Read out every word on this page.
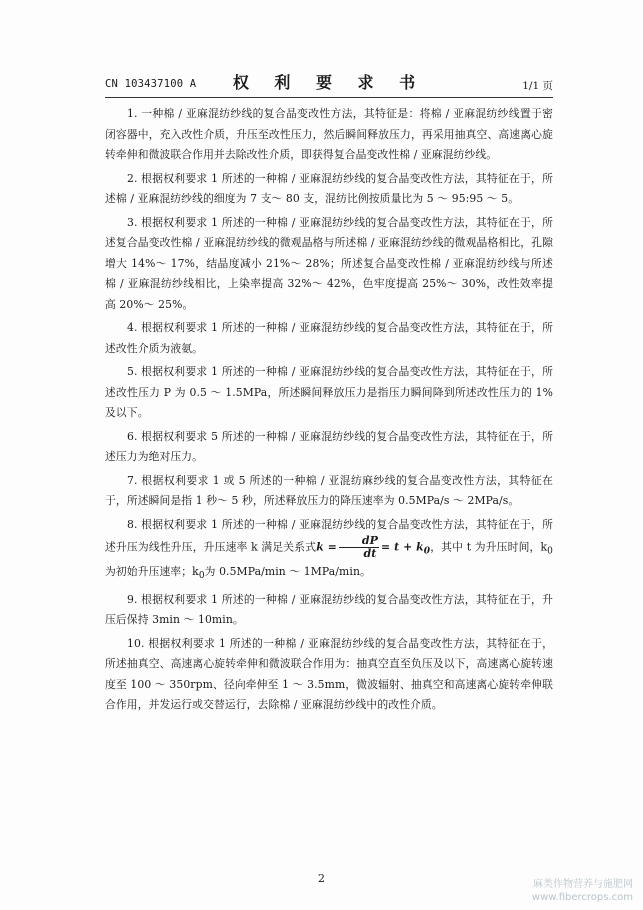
CN 103437100 A	权 利 要 求 书	1/1 页

1. 一种棉 / 亚麻混纺纱线的复合晶变改性方法，其特征是：将棉 / 亚麻混纺纱线置于密闭容器中，充入改性介质，升压至改性压力，然后瞬间释放压力，再采用抽真空、高速离心旋转牵伸和微波联合作用并去除改性介质，即获得复合晶变改性棉 / 亚麻混纺纱线。

2. 根据权利要求 1 所述的一种棉 / 亚麻混纺纱线的复合晶变改性方法，其特征在于，所述棉 / 亚麻混纺纱线的细度为 7 支～ 80 支，混纺比例按质量比为 5 ～ 95:95 ～ 5。

3. 根据权利要求 1 所述的一种棉 / 亚麻混纺纱线的复合晶变改性方法，其特征在于，所述复合晶变改性棉 / 亚麻混纺纱线的微观晶格与所述棉 / 亚麻混纺纱线的微观晶格相比，孔隙增大 14%～ 17%，结晶度减小 21%～ 28%；所述复合晶变改性棉 / 亚麻混纺纱线与所述棉 / 亚麻混纺纱线相比，上染率提高 32%～ 42%，色牢度提高 25%～ 30%，改性效率提高 20%～ 25%。

4. 根据权利要求 1 所述的一种棉 / 亚麻混纺纱线的复合晶变改性方法，其特征在于，所述改性介质为液氨。

5. 根据权利要求 1 所述的一种棉 / 亚麻混纺纱线的复合晶变改性方法，其特征在于，所述改性压力 P 为 0.5 ～ 1.5MPa，所述瞬间释放压力是指压力瞬间降到所述改性压力的 1% 及以下。

6. 根据权利要求 5 所述的一种棉 / 亚麻混纺纱线的复合晶变改性方法，其特征在于，所述压力为绝对压力。

7. 根据权利要求 1 或 5 所述的一种棉 / 亚混纺麻纱线的复合晶变改性方法，其特征在于，所述瞬间是指 1 秒～ 5 秒，所述释放压力的降压速率为 0.5MPa/s ～ 2MPa/s。

8. 根据权利要求 1 所述的一种棉 / 亚麻混纺纱线的复合晶变改性方法，其特征在于，所述升压为线性升压，升压速率 k 满足关系式$k = \frac{dP}{dt} = t + k_0$，其中 t 为升压时间，$k_0$为初始升压速率；$k_0$为 0.5MPa/min ～ 1MPa/min。

9. 根据权利要求 1 所述的一种棉 / 亚麻混纺纱线的复合晶变改性方法，其特征在于，升压后保持 3min ～ 10min。

10. 根据权利要求 1 所述的一种棉 / 亚麻混纺纱线的复合晶变改性方法，其特征在于，所述抽真空、高速离心旋转牵伸和微波联合作用为：抽真空直至负压及以下，高速离心旋转速度至 100 ～ 350rpm、径向牵伸至 1 ～ 3.5mm，微波辐射、抽真空和高速离心旋转牵伸联合作用，并发运行或交替运行，去除棉 / 亚麻混纺纱线中的改性介质。

2	麻类作物营养与施肥网
www.fibercrops.com
